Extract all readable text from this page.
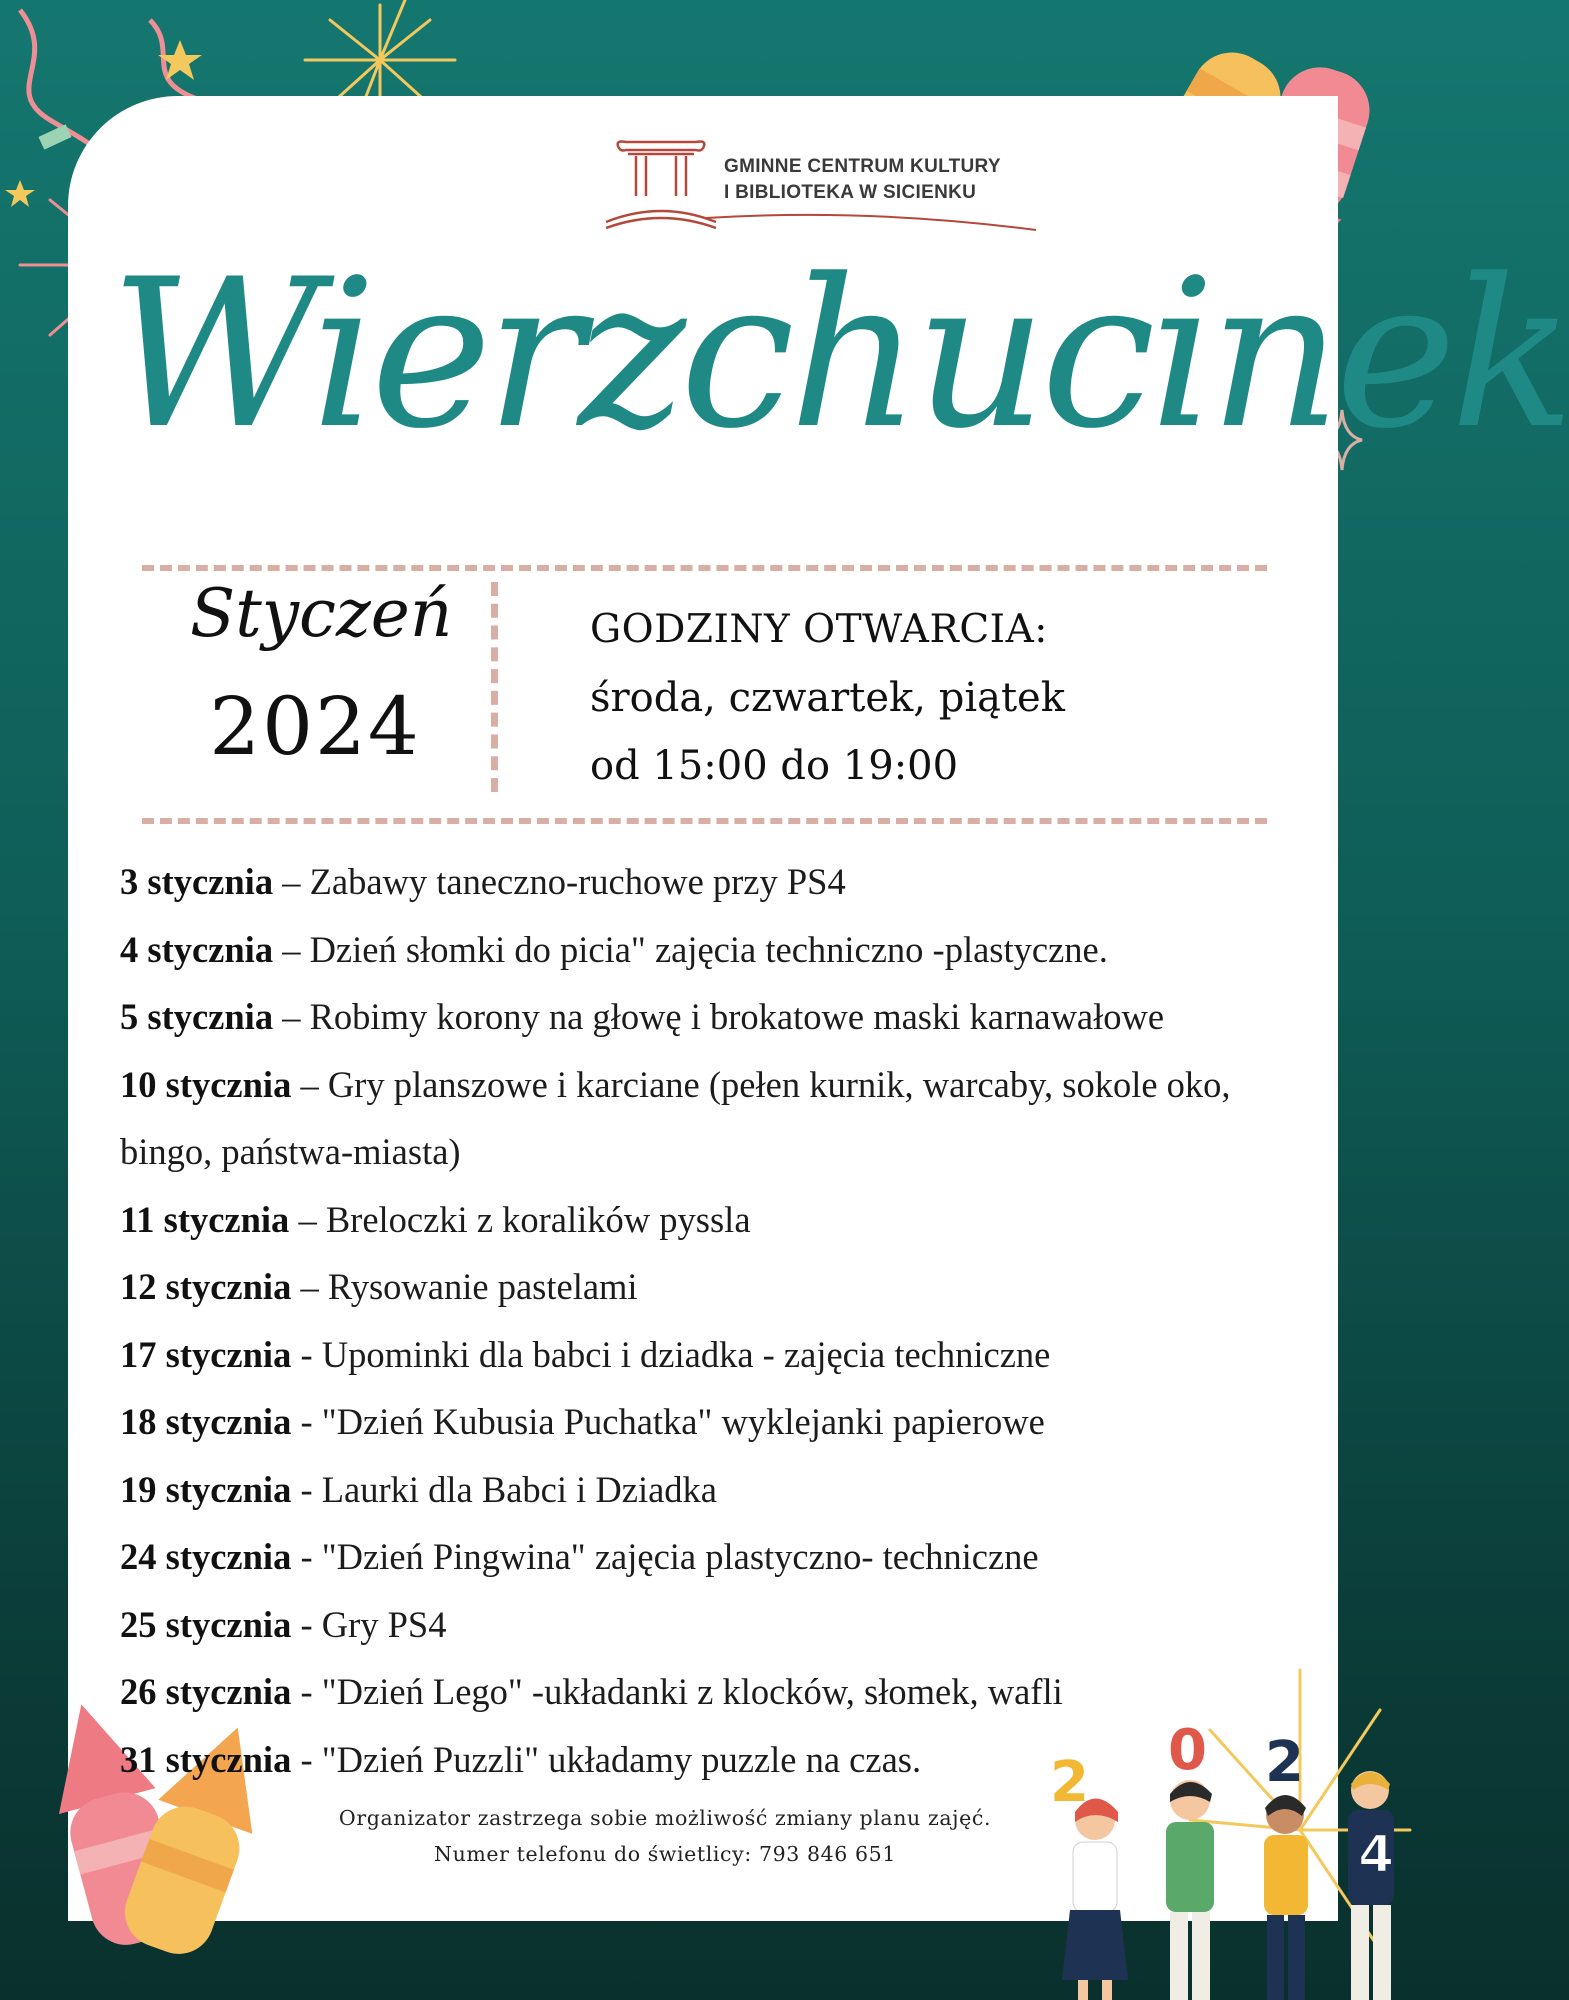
2 0 2
4
GMINNE CENTRUM KULTURY
I BIBLIOTEKA W SICIENKU
Wierzchucinek
Styczeń
2024
GODZINY OTWARCIA:
środa, czwartek, piątek
od 15:00 do 19:00
3 stycznia – Zabawy taneczno-ruchowe przy PS4
4 stycznia – Dzień słomki do picia" zajęcia techniczno -plastyczne.
5 stycznia – Robimy korony na głowę i brokatowe maski karnawałowe
10 stycznia – Gry planszowe i karciane (pełen kurnik, warcaby, sokole oko, bingo, państwa-miasta)
11 stycznia – Breloczki z koralików pyssla
12 stycznia – Rysowanie pastelami
17 stycznia - Upominki dla babci i dziadka - zajęcia techniczne
18 stycznia - "Dzień Kubusia Puchatka" wyklejanki papierowe
19 stycznia - Laurki dla Babci i Dziadka
24 stycznia - "Dzień Pingwina" zajęcia plastyczno- techniczne
25 stycznia - Gry PS4
26 stycznia - "Dzień Lego" -układanki z klocków, słomek, wafli
31 stycznia - "Dzień Puzzli" układamy puzzle na czas.
Organizator zastrzega sobie możliwość zmiany planu zajęć.
Numer telefonu do świetlicy: 793 846 651
